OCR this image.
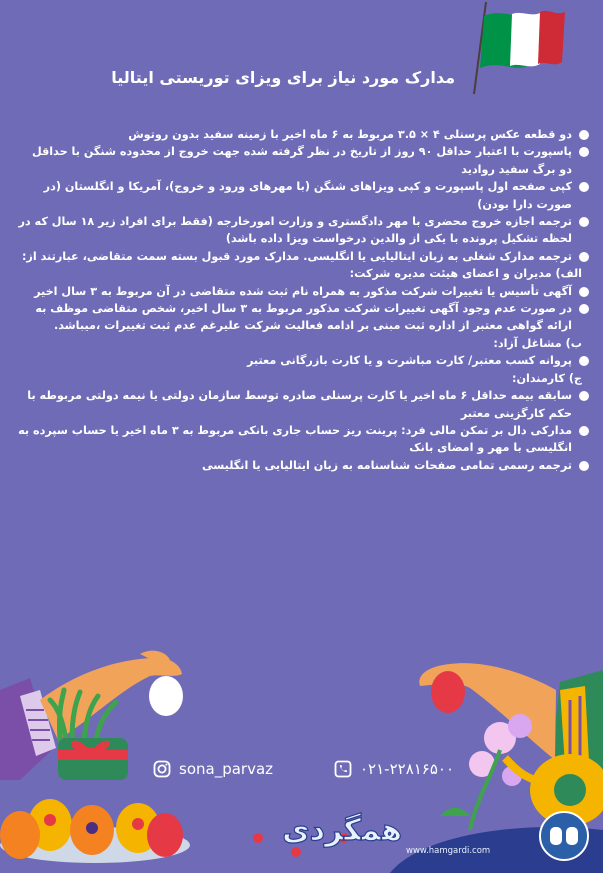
مدارک مورد نیاز برای ویزای توریستی ایتالیا
دو قطعه عکس پرسنلی ۴ × ۳.۵ مربوط به ۶ ماه اخیر با زمینه سفید بدون روتوش
پاسپورت با اعتبار حداقل ۹۰ روز از تاریخ در نظر گرفته شده جهت خروج از محدوده شنگن با حداقل دو برگ سفید روادید
کپی صفحه اول پاسپورت و کپی ویزاهای شنگن (با مهرهای ورود و خروج)، آمریکا و انگلستان (در صورت دارا بودن)
ترجمه اجازه خروج محضری با مهر دادگستری و وزارت امورخارجه (فقط برای افراد زیر ۱۸ سال که در لحظه تشکیل پرونده با یکی از والدین درخواست ویزا داده باشد)
ترجمه مدارک شغلی به زبان ایتالیایی یا انگلیسی. مدارک مورد قبول بسته سمت متقاضی، عبارتند از:
الف) مدیران و اعضای هیئت مدیره شرکت:
آگهی تأسیس یا تغییرات شرکت مذکور به همراه نام ثبت شده متقاضی در آن مربوط به ۳ سال اخیر
در صورت عدم وجود آگهی تغییرات شرکت مذکور مربوط به ۳ سال اخیر، شخص متقاضی موظف به ارائه گواهی معتبر از اداره ثبت مبنی بر ادامه فعالیت شرکت علیرغم عدم ثبت تغییرات ،میباشد.
ب) مشاغل آزاد:
پروانه کسب معتبر/ کارت مباشرت و یا کارت بازرگانی معتبر
ج) کارمندان:
سابقه بیمه حداقل ۶ ماه اخیر یا کارت پرسنلی صادره توسط سازمان دولتی یا نیمه دولتی مربوطه با حکم کارگزینی معتبر
مدارکی دال بر تمکن مالی فرد: پرینت ریز حساب جاری بانکی مربوط به ۳ ماه اخیر یا حساب سپرده به انگلیسی با مهر و امضای بانک
ترجمه رسمی تمامی صفحات شناسنامه به زبان ایتالیایی یا انگلیسی
sona_parvaz	۰۲۱-۲۲۸۱۶۵۰۰
همگردی
www.hamgardi.com
